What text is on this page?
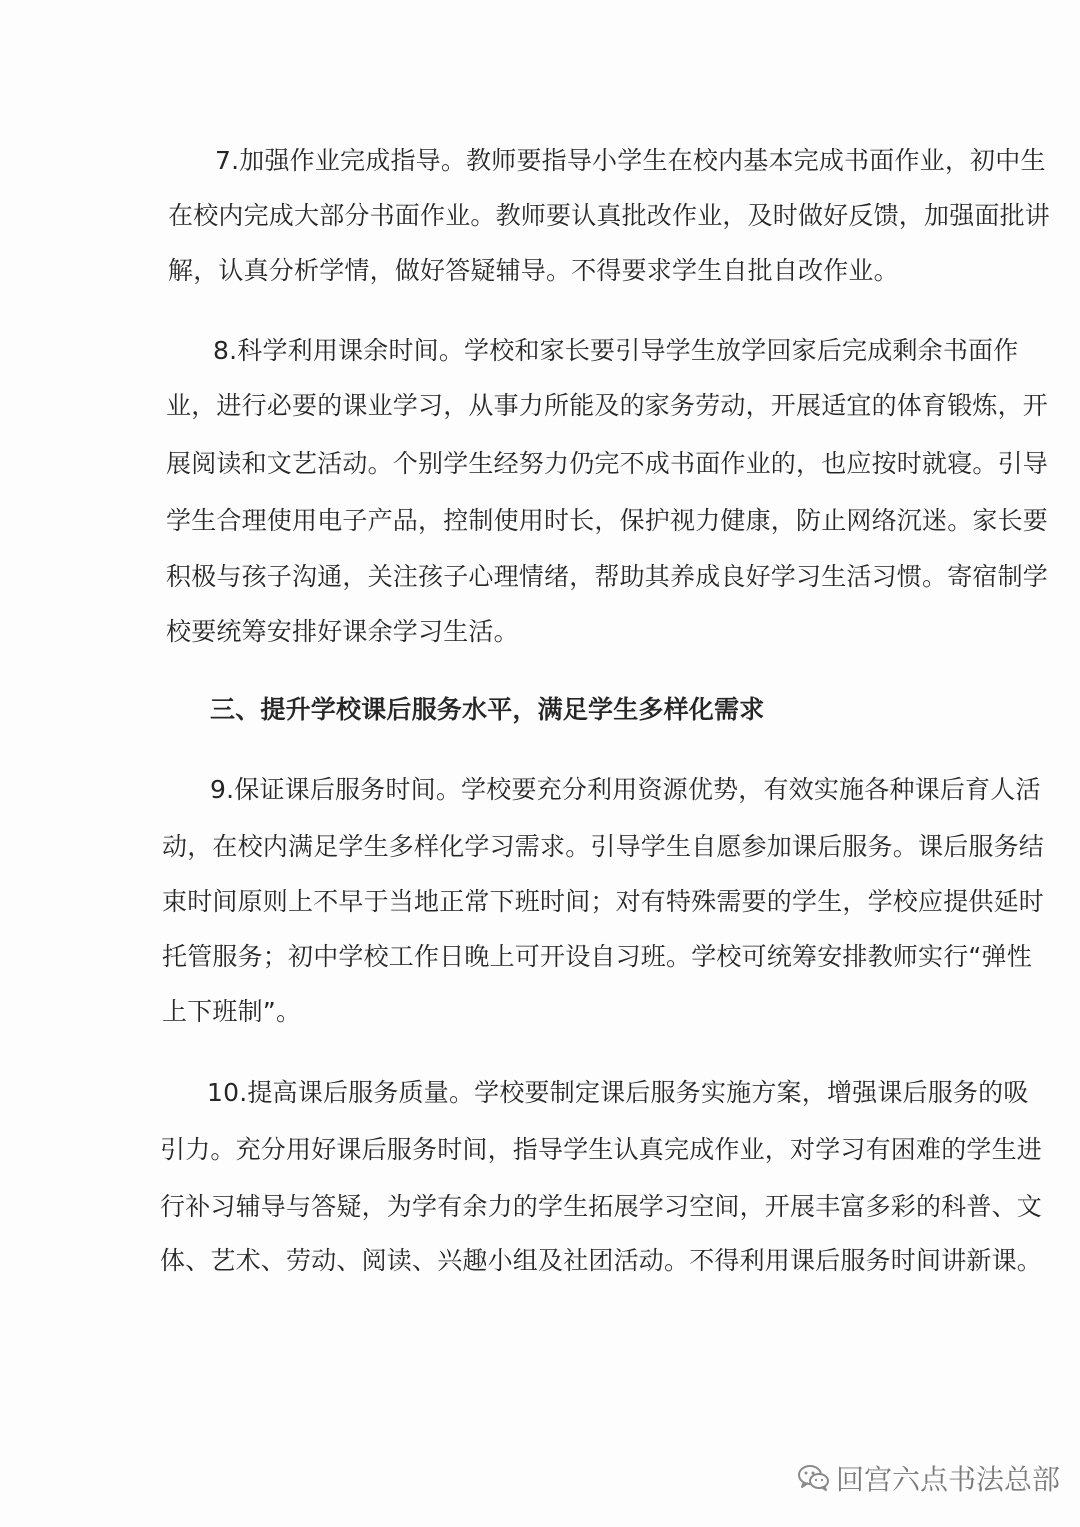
7.加强作业完成指导。教师要指导小学生在校内基本完成书面作业，初中生
在校内完成大部分书面作业。教师要认真批改作业，及时做好反馈，加强面批讲
解，认真分析学情，做好答疑辅导。不得要求学生自批自改作业。
8.科学利用课余时间。学校和家长要引导学生放学回家后完成剩余书面作
业，进行必要的课业学习，从事力所能及的家务劳动，开展适宜的体育锻炼，开
展阅读和文艺活动。个别学生经努力仍完不成书面作业的，也应按时就寝。引导
学生合理使用电子产品，控制使用时长，保护视力健康，防止网络沉迷。家长要
积极与孩子沟通，关注孩子心理情绪，帮助其养成良好学习生活习惯。寄宿制学
校要统筹安排好课余学习生活。
三、提升学校课后服务水平，满足学生多样化需求
9.保证课后服务时间。学校要充分利用资源优势，有效实施各种课后育人活
动，在校内满足学生多样化学习需求。引导学生自愿参加课后服务。课后服务结
束时间原则上不早于当地正常下班时间；对有特殊需要的学生，学校应提供延时
托管服务；初中学校工作日晚上可开设自习班。学校可统筹安排教师实行“弹性
上下班制”。
10.提高课后服务质量。学校要制定课后服务实施方案，增强课后服务的吸
引力。充分用好课后服务时间，指导学生认真完成作业，对学习有困难的学生进
行补习辅导与答疑，为学有余力的学生拓展学习空间，开展丰富多彩的科普、文
体、艺术、劳动、阅读、兴趣小组及社团活动。不得利用课后服务时间讲新课。
回宫六点书法总部
